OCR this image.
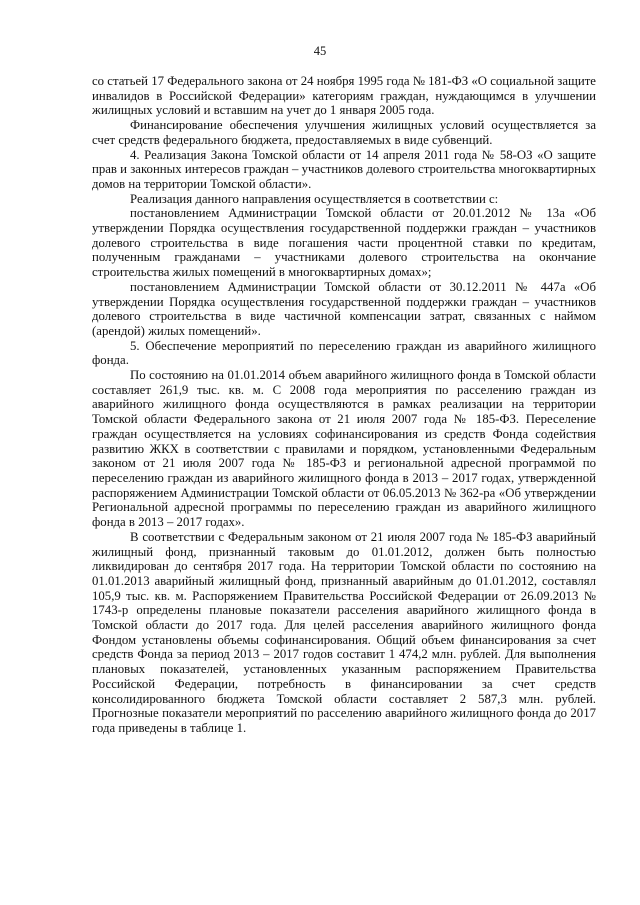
45

со статьей 17 Федерального закона от 24 ноября 1995 года № 181-ФЗ «О социальной защите инвалидов в Российской Федерации» категориям граждан, нуждающимся в улучшении жилищных условий и вставшим на учет до 1 января 2005 года.

Финансирование обеспечения улучшения жилищных условий осуществляется за счет средств федерального бюджета, предоставляемых в виде субвенций.

4. Реализация Закона Томской области от 14 апреля 2011 года № 58-ОЗ «О защите прав и законных интересов граждан – участников долевого строительства многоквартирных домов на территории Томской области».

Реализация данного направления осуществляется в соответствии с:

постановлением Администрации Томской области от 20.01.2012 № 13а «Об утверждении Порядка осуществления государственной поддержки граждан – участников долевого строительства в виде погашения части процентной ставки по кредитам, полученным гражданами – участниками долевого строительства на окончание строительства жилых помещений в многоквартирных домах»;

постановлением Администрации Томской области от 30.12.2011 № 447а «Об утверждении Порядка осуществления государственной поддержки граждан – участников долевого строительства в виде частичной компенсации затрат, связанных с наймом (арендой) жилых помещений».

5. Обеспечение мероприятий по переселению граждан из аварийного жилищного фонда.

По состоянию на 01.01.2014 объем аварийного жилищного фонда в Томской области составляет 261,9 тыс. кв. м. С 2008 года мероприятия по расселению граждан из аварийного жилищного фонда осуществляются в рамках реализации на территории Томской области Федерального закона от 21 июля 2007 года № 185-ФЗ. Переселение граждан осуществляется на условиях софинансирования из средств Фонда содействия развитию ЖКХ в соответствии с правилами и порядком, установленными Федеральным законом от 21 июля 2007 года № 185-ФЗ и региональной адресной программой по переселению граждан из аварийного жилищного фонда в 2013 – 2017 годах, утвержденной распоряжением Администрации Томской области от 06.05.2013 № 362-ра «Об утверждении Региональной адресной программы по переселению граждан из аварийного жилищного фонда в 2013 – 2017 годах».

В соответствии с Федеральным законом от 21 июля 2007 года № 185-ФЗ аварийный жилищный фонд, признанный таковым до 01.01.2012, должен быть полностью ликвидирован до сентября 2017 года. На территории Томской области по состоянию на 01.01.2013 аварийный жилищный фонд, признанный аварийным до 01.01.2012, составлял 105,9 тыс. кв. м. Распоряжением Правительства Российской Федерации от 26.09.2013 № 1743-р определены плановые показатели расселения аварийного жилищного фонда в Томской области до 2017 года. Для целей расселения аварийного жилищного фонда Фондом установлены объемы софинансирования. Общий объем финансирования за счет средств Фонда за период 2013 – 2017 годов составит 1 474,2 млн. рублей. Для выполнения плановых показателей, установленных указанным распоряжением Правительства Российской Федерации, потребность в финансировании за счет средств консолидированного бюджета Томской области составляет 2 587,3 млн. рублей. Прогнозные показатели мероприятий по расселению аварийного жилищного фонда до 2017 года приведены в таблице 1.
